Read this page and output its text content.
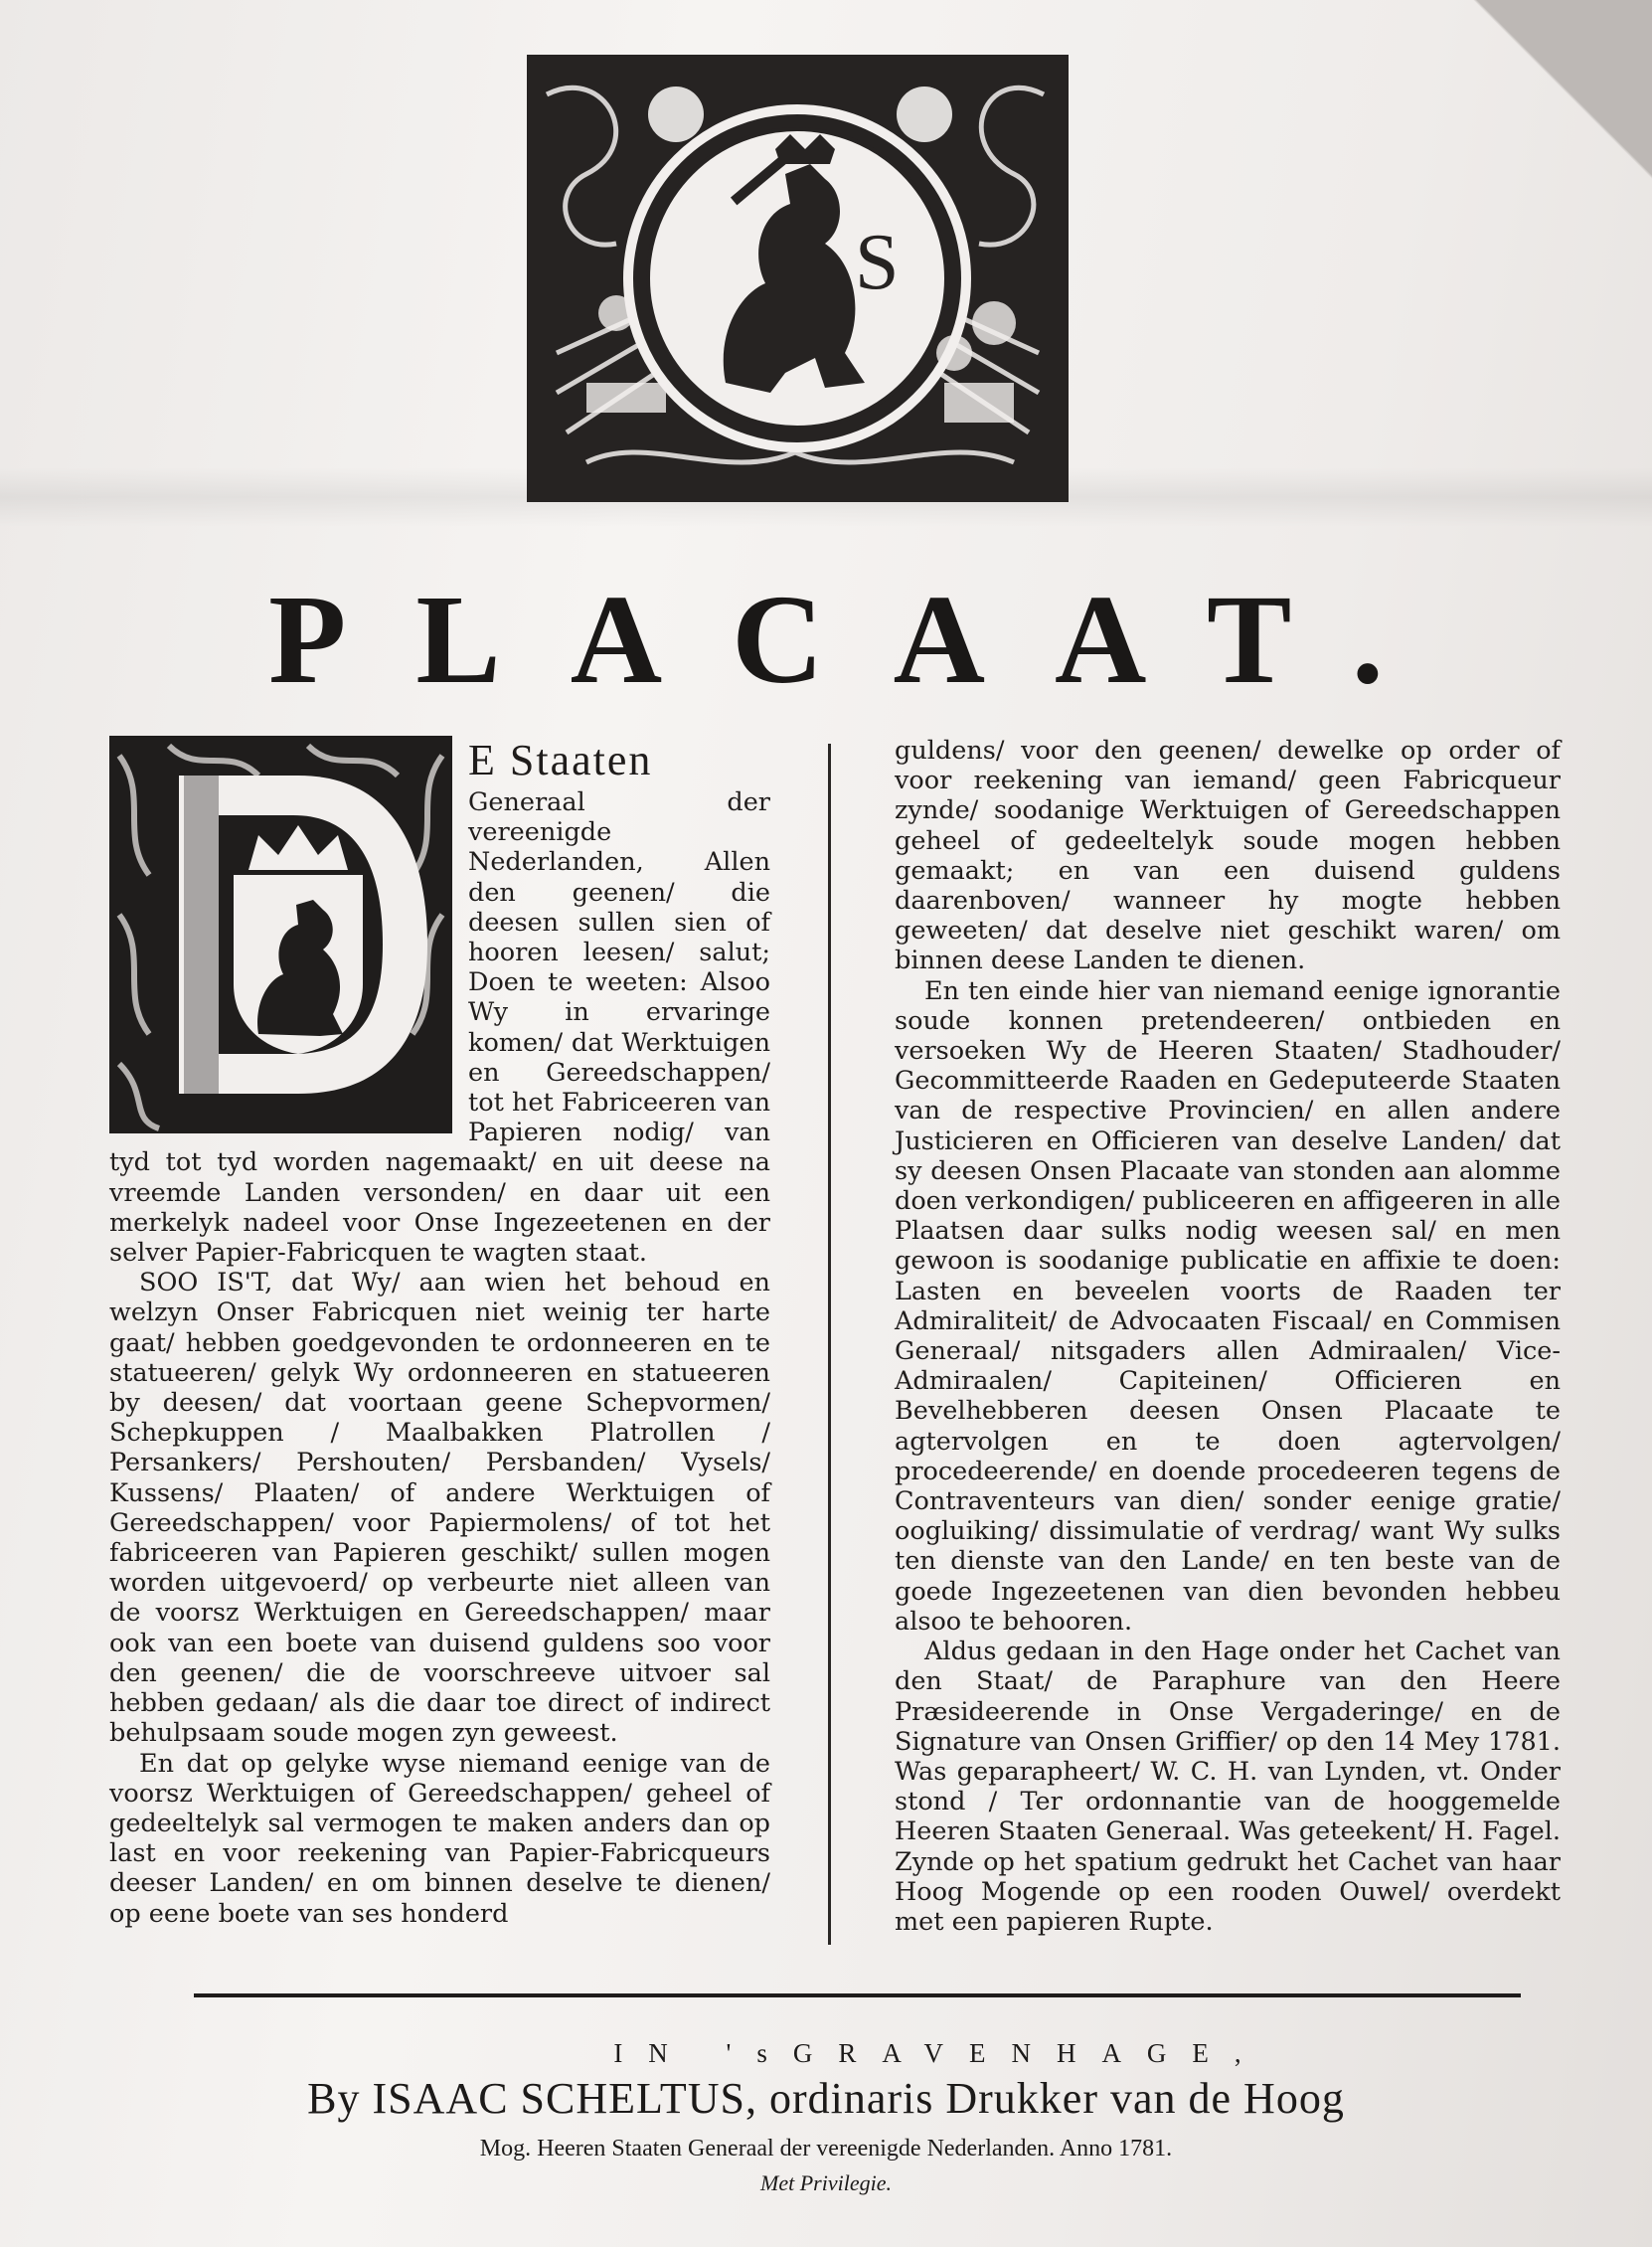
S
PLACAAT.
E Staaten

Generaal der vereenigde Nederlanden, Allen den geenen/ die deesen sullen sien of hooren leesen/ salut; Doen te weeten: Alsoo Wy in ervaringe komen/ dat Werktuigen en Gereedschappen/ tot het Fabriceeren van Papieren nodig/ van tyd tot tyd worden nagemaakt/ en uit deese na vreemde Landen versonden/ en daar uit een merkelyk nadeel voor Onse Ingezeetenen en der selver Papier-Fabricquen te wagten staat.

SOO IS'T, dat Wy/ aan wien het behoud en welzyn Onser Fabricquen niet weinig ter harte gaat/ hebben goedgevonden te ordonneeren en te statueeren/ gelyk Wy ordonneeren en statueeren by deesen/ dat voortaan geene Schepvormen/ Schepkuppen / Maalbakken Platrollen / Persankers/ Pershouten/ Persbanden/ Vysels/ Kussens/ Plaaten/ of andere Werktuigen of Gereedschappen/ voor Papiermolens/ of tot het fabriceeren van Papieren geschikt/ sullen mogen worden uitgevoerd/ op verbeurte niet alleen van de voorsz Werktuigen en Gereedschappen/ maar ook van een boete van duisend guldens soo voor den geenen/ die de voorschreeve uitvoer sal hebben gedaan/ als die daar toe direct of indirect behulpsaam soude mogen zyn geweest.

En dat op gelyke wyse niemand eenige van de voorsz Werktuigen of Gereedschappen/ geheel of gedeeltelyk sal vermogen te maken anders dan op last en voor reekening van Papier-Fabricqueurs deeser Landen/ en om binnen deselve te dienen/ op eene boete van ses honderd

guldens/ voor den geenen/ dewelke op order of voor reekening van iemand/ geen Fabricqueur zynde/ soodanige Werktuigen of Gereedschappen geheel of gedeeltelyk soude mogen hebben gemaakt; en van een duisend guldens daarenboven/ wanneer hy mogte hebben geweeten/ dat deselve niet geschikt waren/ om binnen deese Landen te dienen.

En ten einde hier van niemand eenige ignorantie soude konnen pretendeeren/ ontbieden en versoeken Wy de Heeren Staaten/ Stadhouder/ Gecommitteerde Raaden en Gedeputeerde Staaten van de respective Provincien/ en allen andere Justicieren en Officieren van deselve Landen/ dat sy deesen Onsen Placaate van stonden aan alomme doen verkondigen/ publiceeren en affigeeren in alle Plaatsen daar sulks nodig weesen sal/ en men gewoon is soodanige publicatie en affixie te doen: Lasten en beveelen voorts de Raaden ter Admiraliteit/ de Advocaaten Fiscaal/ en Commisen Generaal/ nitsgaders allen Admiraalen/ Vice-Admiraalen/ Capiteinen/ Officieren en Bevelhebberen deesen Onsen Placaate te agtervolgen en te doen agtervolgen/ procedeerende/ en doende procedeeren tegens de Contraventeurs van dien/ sonder eenige gratie/ oogluiking/ dissimulatie of verdrag/ want Wy sulks ten dienste van den Lande/ en ten beste van de goede Ingezeetenen van dien bevonden hebbeu alsoo te behooren.

Aldus gedaan in den Hage onder het Cachet van den Staat/ de Paraphure van den Heere Præsideerende in Onse Vergaderinge/ en de Signature van Onsen Griffier/ op den 14 Mey 1781. Was geparapheert/ W. C. H. van Lynden, vt. Onder stond / Ter ordonnantie van de hooggemelde Heeren Staaten Generaal. Was geteekent/ H. Fagel. Zynde op het spatium gedrukt het Cachet van haar Hoog Mogende op een rooden Ouwel/ overdekt met een papieren Rupte.

IN 'sGRAVENHAGE,

By ISAAC SCHELTUS, ordinaris Drukker van de Hoog

Mog. Heeren Staaten Generaal der vereenigde Nederlanden. Anno 1781.

Met Privilegie.
